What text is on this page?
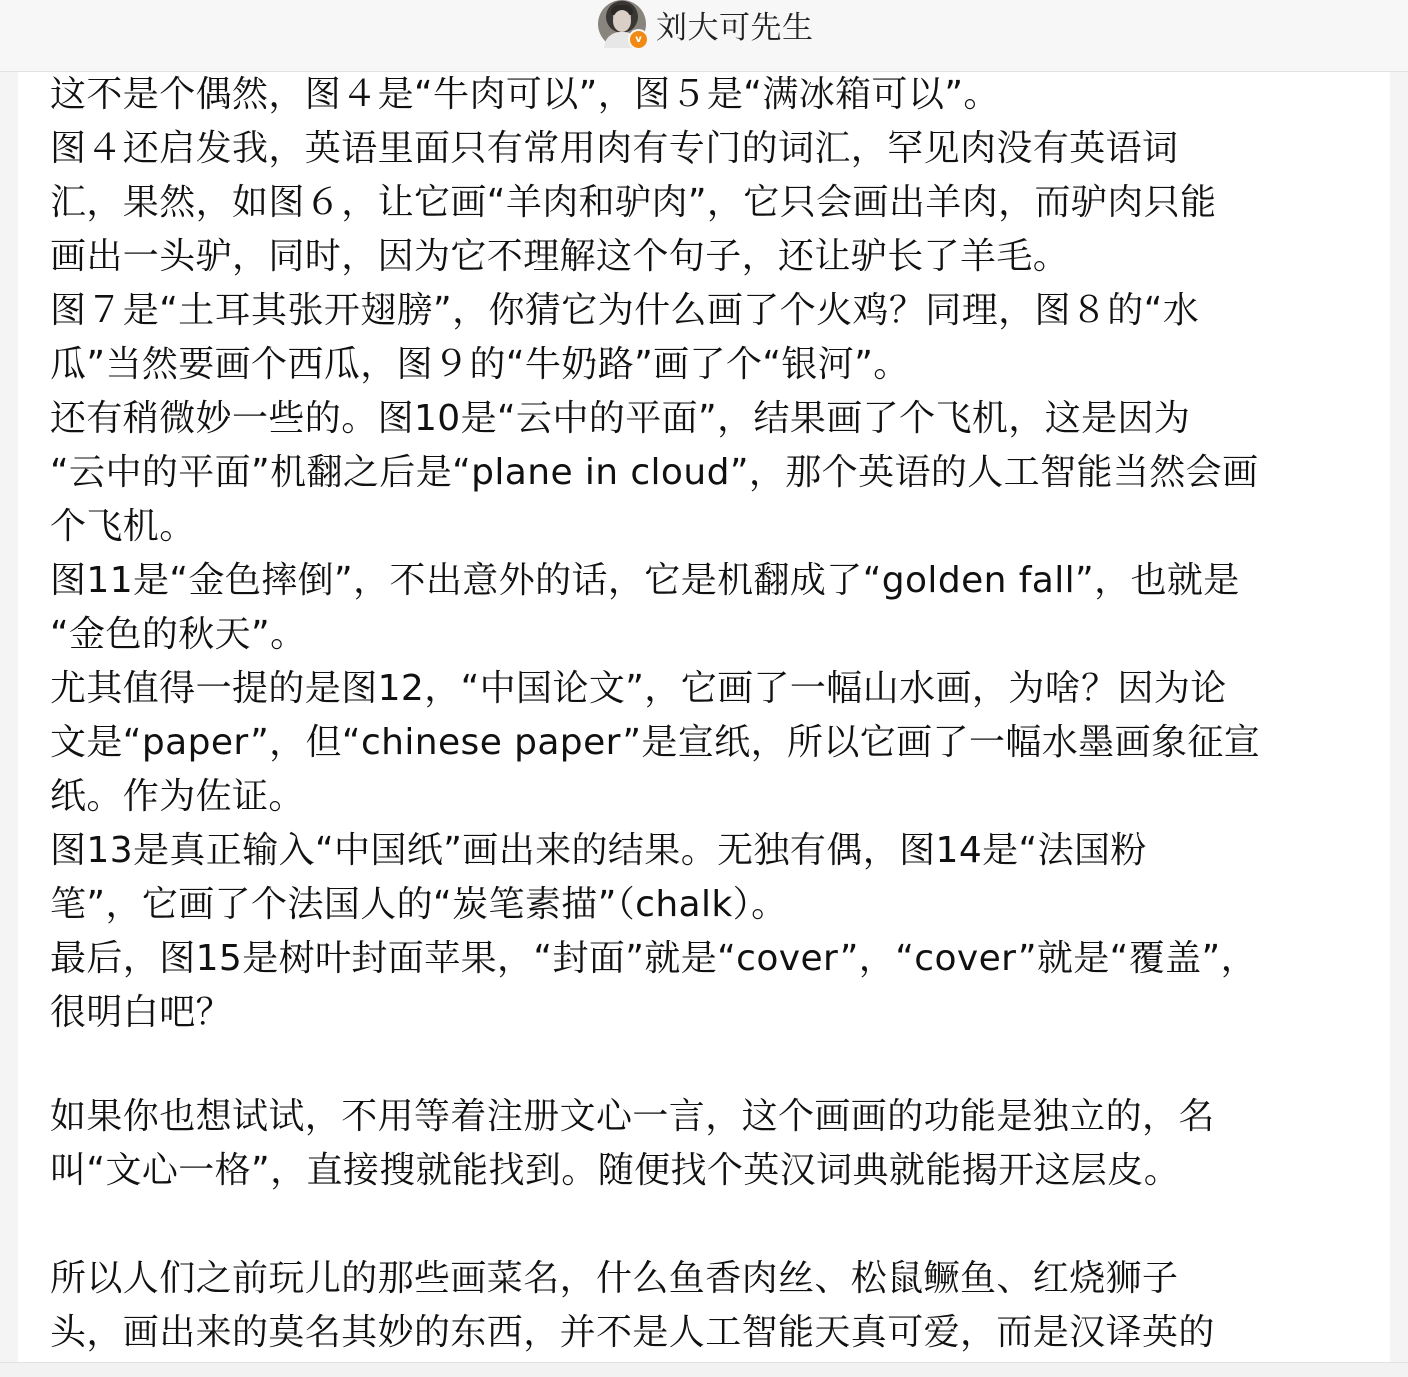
v 刘大可先生
这不是个偶然，图４是“牛肉可以”，图５是“满冰箱可以”。
图４还启发我，英语里面只有常用肉有专门的词汇，罕见肉没有英语词
汇，果然，如图６，让它画“羊肉和驴肉”，它只会画出羊肉，而驴肉只能
画出一头驴，同时，因为它不理解这个句子，还让驴长了羊毛。
图７是“土耳其张开翅膀”，你猜它为什么画了个火鸡？同理，图８的“水
瓜”当然要画个西瓜，图９的“牛奶路”画了个“银河”。
还有稍微妙一些的。图10是“云中的平面”，结果画了个飞机，这是因为
“云中的平面”机翻之后是“plane in cloud”，那个英语的人工智能当然会画
个飞机。
图11是“金色摔倒”，不出意外的话，它是机翻成了“golden fall”，也就是
“金色的秋天”。
尤其值得一提的是图12，“中国论文”，它画了一幅山水画，为啥？因为论
文是“paper”，但“chinese paper”是宣纸，所以它画了一幅水墨画象征宣
纸。作为佐证。
图13是真正输入“中国纸”画出来的结果。无独有偶，图14是“法国粉
笔”，它画了个法国人的“炭笔素描”（chalk）。
最后，图15是树叶封面苹果，“封面”就是“cover”，“cover”就是“覆盖”，
很明白吧？
如果你也想试试，不用等着注册文心一言，这个画画的功能是独立的，名
叫“文心一格”，直接搜就能找到。随便找个英汉词典就能揭开这层皮。
所以人们之前玩儿的那些画菜名，什么鱼香肉丝、松鼠鳜鱼、红烧狮子
头，画出来的莫名其妙的东西，并不是人工智能天真可爱，而是汉译英的
